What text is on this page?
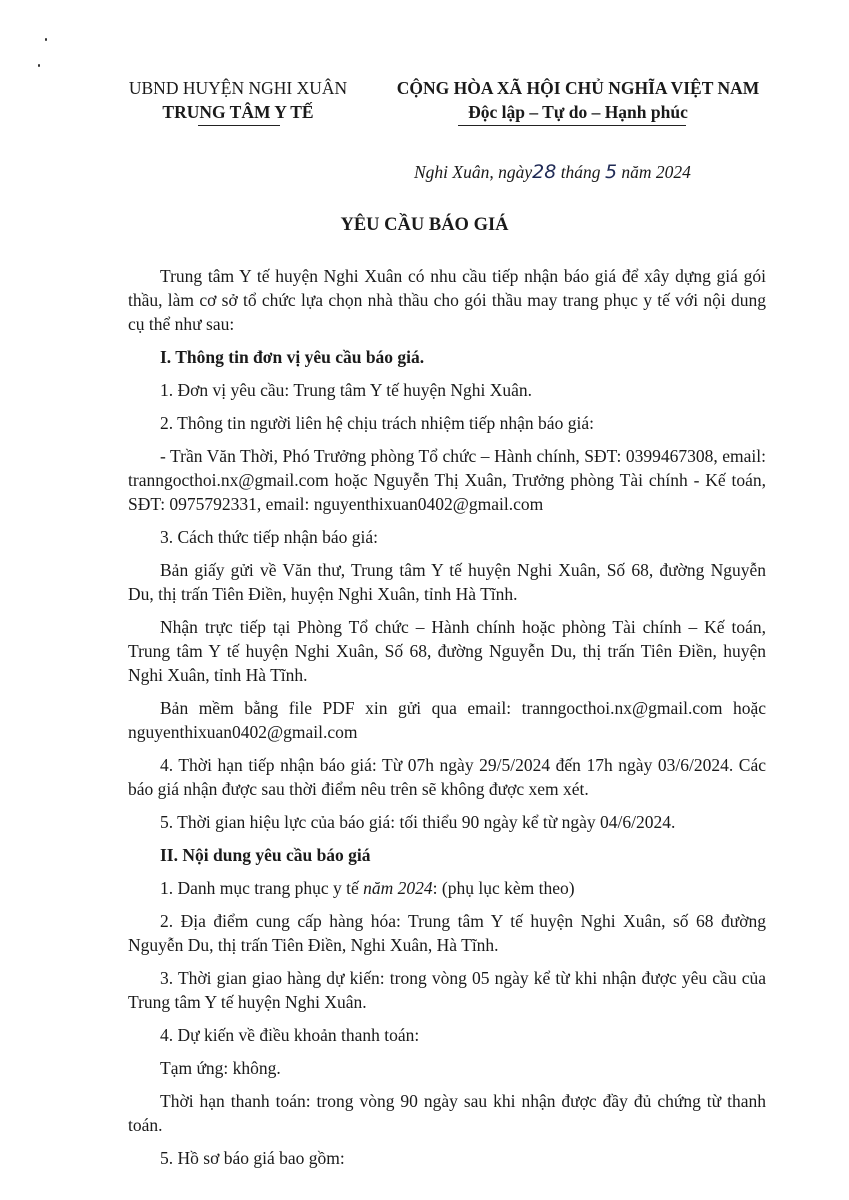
UBND HUYỆN NGHI XUÂN
TRUNG TÂM Y TẾ
CỘNG HÒA XÃ HỘI CHỦ NGHĨA VIỆT NAM
Độc lập – Tự do – Hạnh phúc
Nghi Xuân, ngày28 tháng 5 năm 2024
YÊU CẦU BÁO GIÁ

Trung tâm Y tế huyện Nghi Xuân có nhu cầu tiếp nhận báo giá để xây dựng giá gói thầu, làm cơ sở tổ chức lựa chọn nhà thầu cho gói thầu may trang phục y tế với nội dung cụ thể như sau:

I. Thông tin đơn vị yêu cầu báo giá.

1. Đơn vị yêu cầu: Trung tâm Y tế huyện Nghi Xuân.

2. Thông tin người liên hệ chịu trách nhiệm tiếp nhận báo giá:

- Trần Văn Thời, Phó Trưởng phòng Tổ chức – Hành chính, SĐT: 0399467308, email: tranngocthoi.nx@gmail.com hoặc Nguyễn Thị Xuân, Trưởng phòng Tài chính - Kế toán, SĐT: 0975792331, email: nguyenthixuan0402@gmail.com

3. Cách thức tiếp nhận báo giá:

Bản giấy gửi về Văn thư, Trung tâm Y tế huyện Nghi Xuân, Số 68, đường Nguyễn Du, thị trấn Tiên Điền, huyện Nghi Xuân, tỉnh Hà Tĩnh.

Nhận trực tiếp tại Phòng Tổ chức – Hành chính hoặc phòng Tài chính – Kế toán, Trung tâm Y tế huyện Nghi Xuân, Số 68, đường Nguyễn Du, thị trấn Tiên Điền, huyện Nghi Xuân, tỉnh Hà Tĩnh.

Bản mềm bằng file PDF xin gửi qua email: tranngocthoi.nx@gmail.com hoặc nguyenthixuan0402@gmail.com

4. Thời hạn tiếp nhận báo giá: Từ 07h ngày 29/5/2024 đến 17h ngày 03/6/2024. Các báo giá nhận được sau thời điểm nêu trên sẽ không được xem xét.

5. Thời gian hiệu lực của báo giá: tối thiểu 90 ngày kể từ ngày 04/6/2024.

II. Nội dung yêu cầu báo giá

1. Danh mục trang phục y tế năm 2024: (phụ lục kèm theo)

2. Địa điểm cung cấp hàng hóa: Trung tâm Y tế huyện Nghi Xuân, số 68 đường Nguyễn Du, thị trấn Tiên Điền, Nghi Xuân, Hà Tĩnh.

3. Thời gian giao hàng dự kiến: trong vòng 05 ngày kể từ khi nhận được yêu cầu của Trung tâm Y tế huyện Nghi Xuân.

4. Dự kiến về điều khoản thanh toán:

Tạm ứng: không.

Thời hạn thanh toán: trong vòng 90 ngày sau khi nhận được đầy đủ chứng từ thanh toán.

5. Hồ sơ báo giá bao gồm:
